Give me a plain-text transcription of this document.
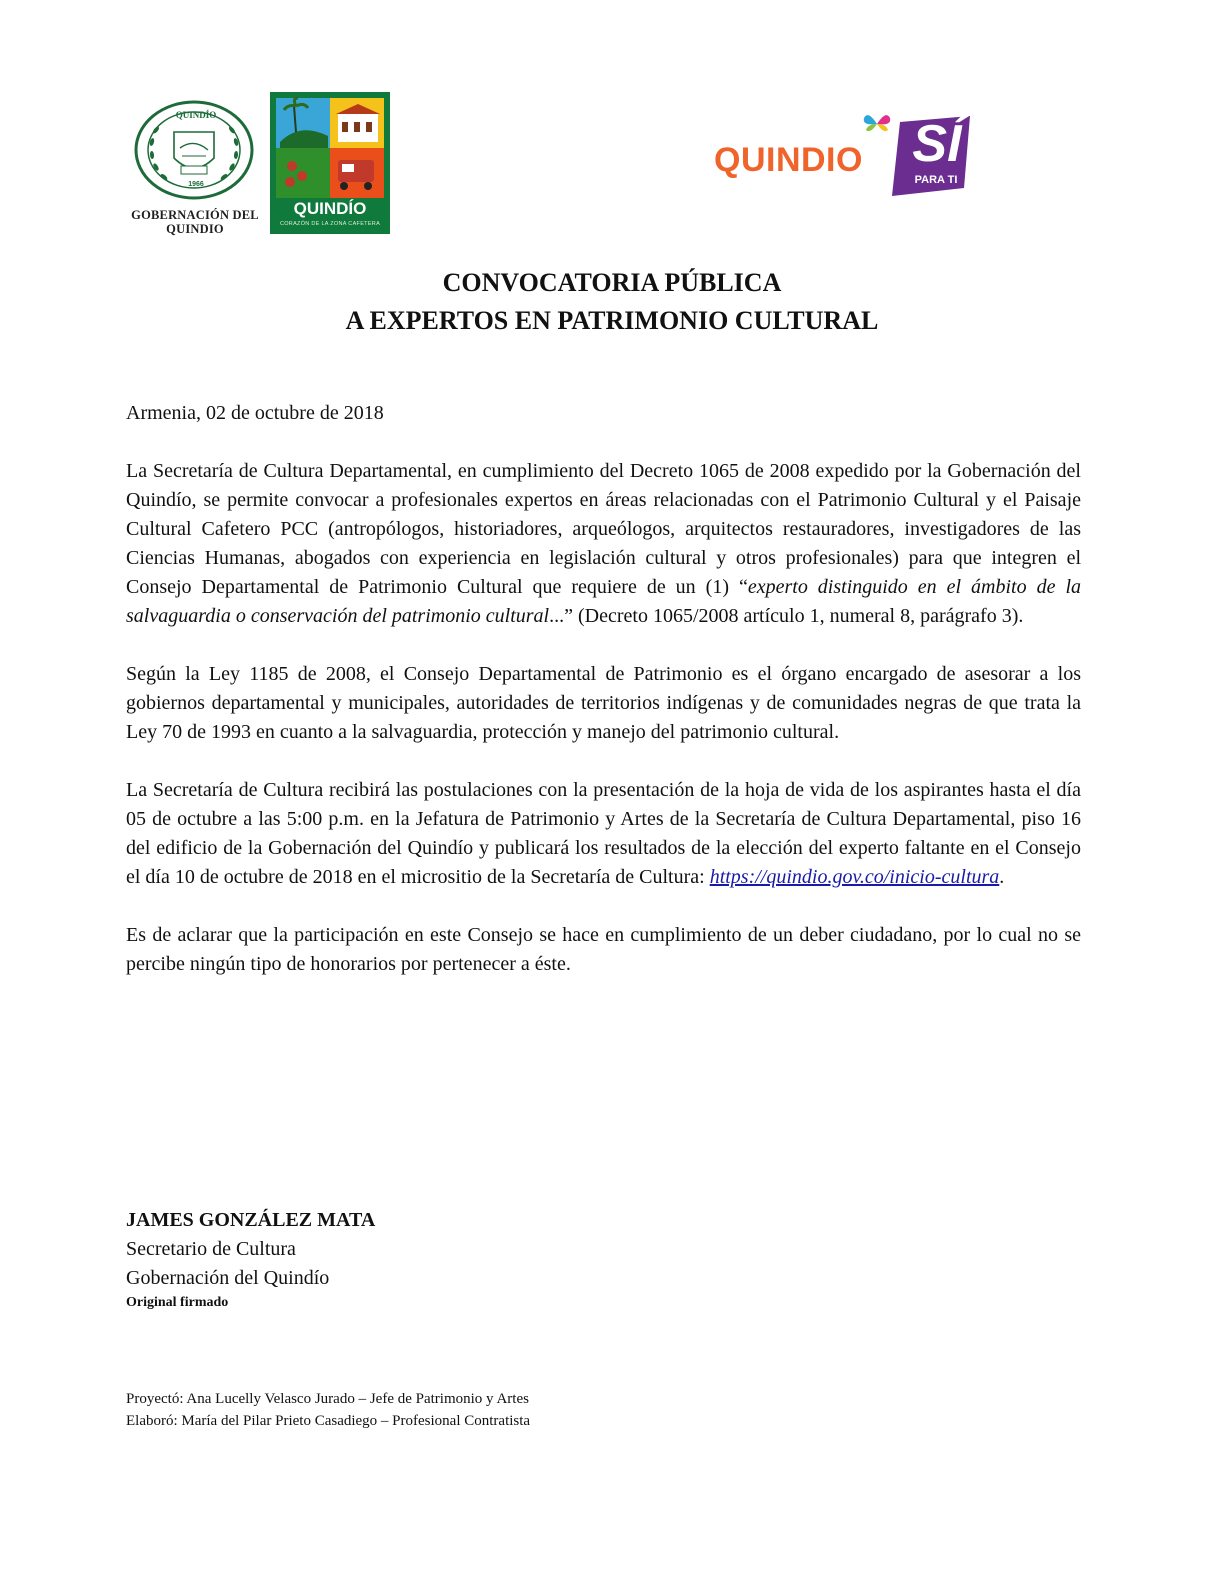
QUINDÍO
1966
GOBERNACIÓN DEL
QUINDIO
QUINDÍO
CORAZÓN DE LA ZONA CAFETERA
QUINDIO SÍ
PARA TI
CONVOCATORIA PÚBLICA
A EXPERTOS EN PATRIMONIO CULTURAL

Armenia, 02 de octubre de 2018

La Secretaría de Cultura Departamental, en cumplimiento del Decreto 1065 de 2008 expedido por la Gobernación del Quindío, se permite convocar a profesionales expertos en áreas relacionadas con el Patrimonio Cultural y el Paisaje Cultural Cafetero PCC (antropólogos, historiadores, arqueólogos, arquitectos restauradores, investigadores de las Ciencias Humanas, abogados con experiencia en legislación cultural y otros profesionales) para que integren el Consejo Departamental de Patrimonio Cultural que requiere de un (1) “experto distinguido en el ámbito de la salvaguardia o conservación del patrimonio cultural...” (Decreto 1065/2008 artículo 1, numeral 8, parágrafo 3).

Según la Ley 1185 de 2008, el Consejo Departamental de Patrimonio es el órgano encargado de asesorar a los gobiernos departamental y municipales, autoridades de territorios indígenas y de comunidades negras de que trata la Ley 70 de 1993 en cuanto a la salvaguardia, protección y manejo del patrimonio cultural.

La Secretaría de Cultura recibirá las postulaciones con la presentación de la hoja de vida de los aspirantes hasta el día 05 de octubre a las 5:00 p.m. en la Jefatura de Patrimonio y Artes de la Secretaría de Cultura Departamental, piso 16 del edificio de la Gobernación del Quindío y publicará los resultados de la elección del experto faltante en el Consejo el día 10 de octubre de 2018 en el micrositio de la Secretaría de Cultura: https://quindio.gov.co/inicio-cultura.

Es de aclarar que la participación en este Consejo se hace en cumplimiento de un deber ciudadano, por lo cual no se percibe ningún tipo de honorarios por pertenecer a éste.

JAMES GONZÁLEZ MATA
Secretario de Cultura
Gobernación del Quindío
Original firmado
Proyectó: Ana Lucelly Velasco Jurado – Jefe de Patrimonio y Artes
Elaboró: María del Pilar Prieto Casadiego – Profesional Contratista
